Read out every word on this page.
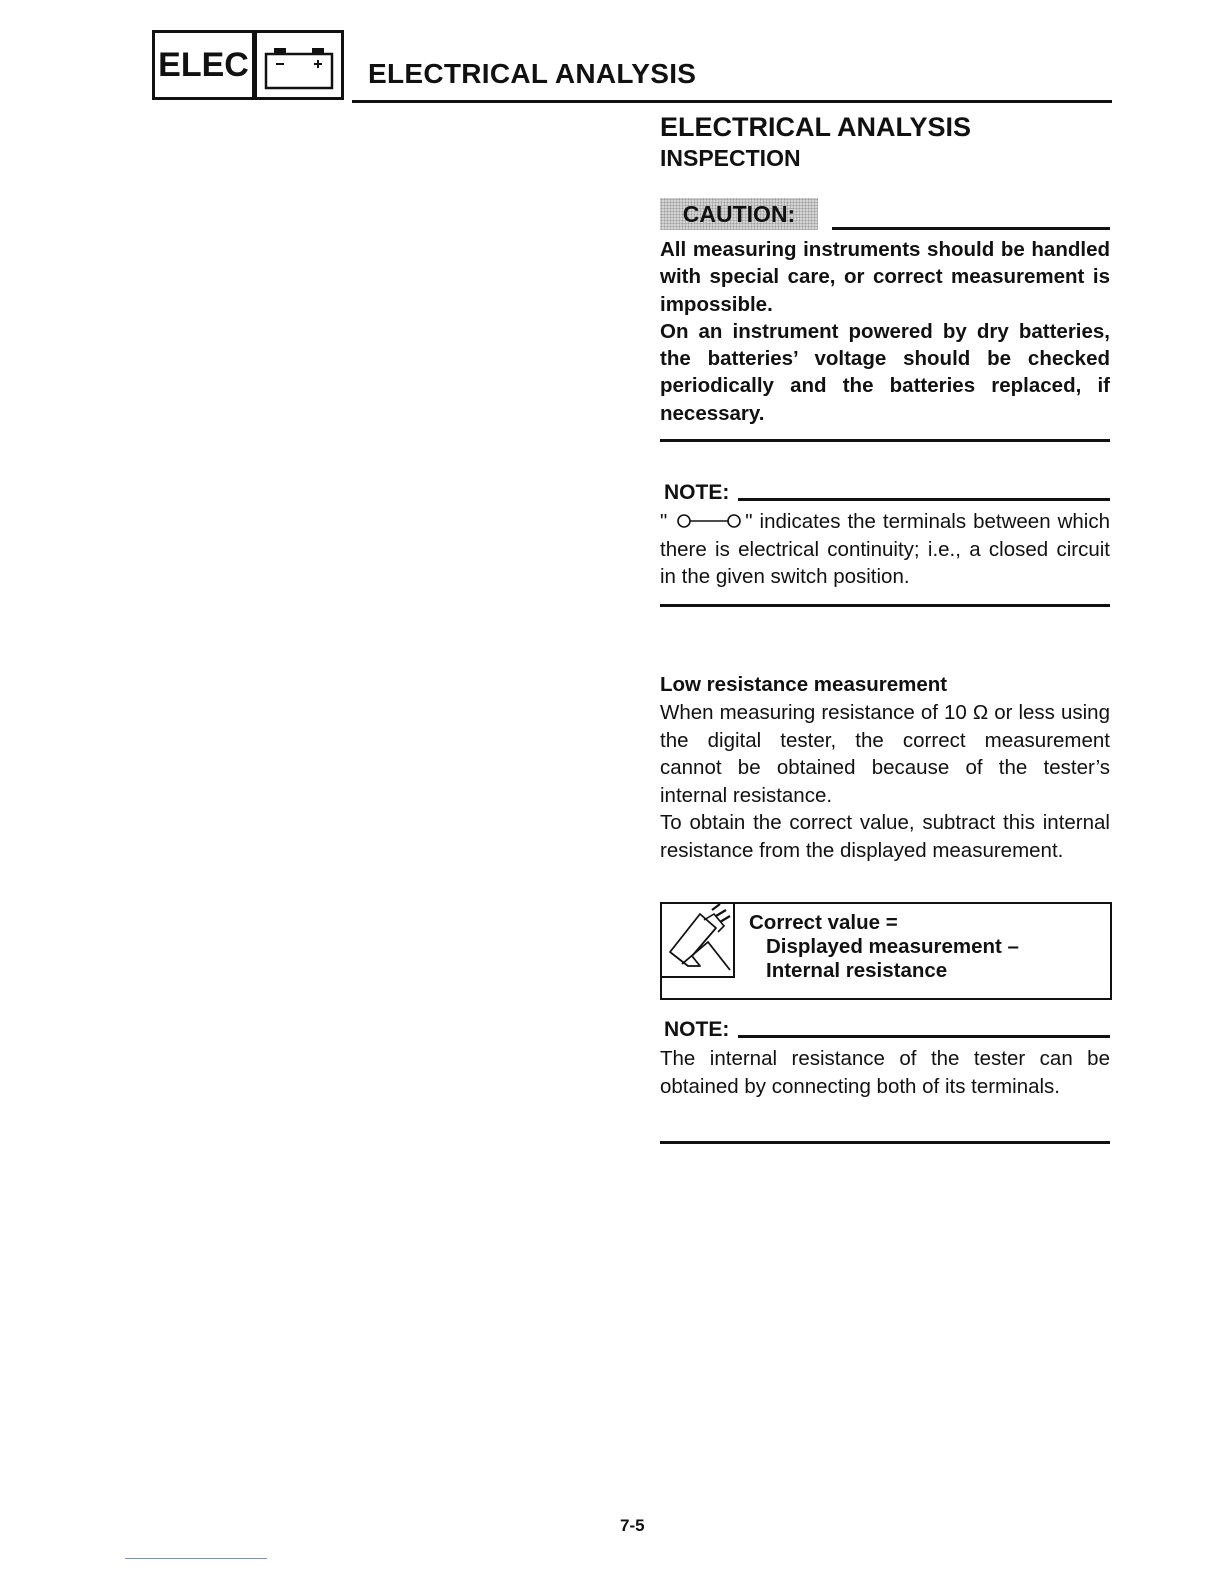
ELEC	ELECTRICAL ANALYSIS
ELECTRICAL ANALYSIS
INSPECTION
CAUTION:
All measuring instruments should be handled with special care, or correct measurement is impossible.
On an instrument powered by dry batteries, the batteries’ voltage should be checked periodically and the batteries replaced, if necessary.
NOTE:
"	" indicates the terminals between which there is electrical continuity; i.e., a closed circuit in the given switch position.
Low resistance measurement
When measuring resistance of 10 Ω or less using the digital tester, the correct measurement cannot be obtained because of the tester’s internal resistance.
To obtain the correct value, subtract this internal resistance from the displayed measurement.
Correct value =
Displayed measurement –
Internal resistance
NOTE:
The internal resistance of the tester can be obtained by connecting both of its terminals.
7-5
